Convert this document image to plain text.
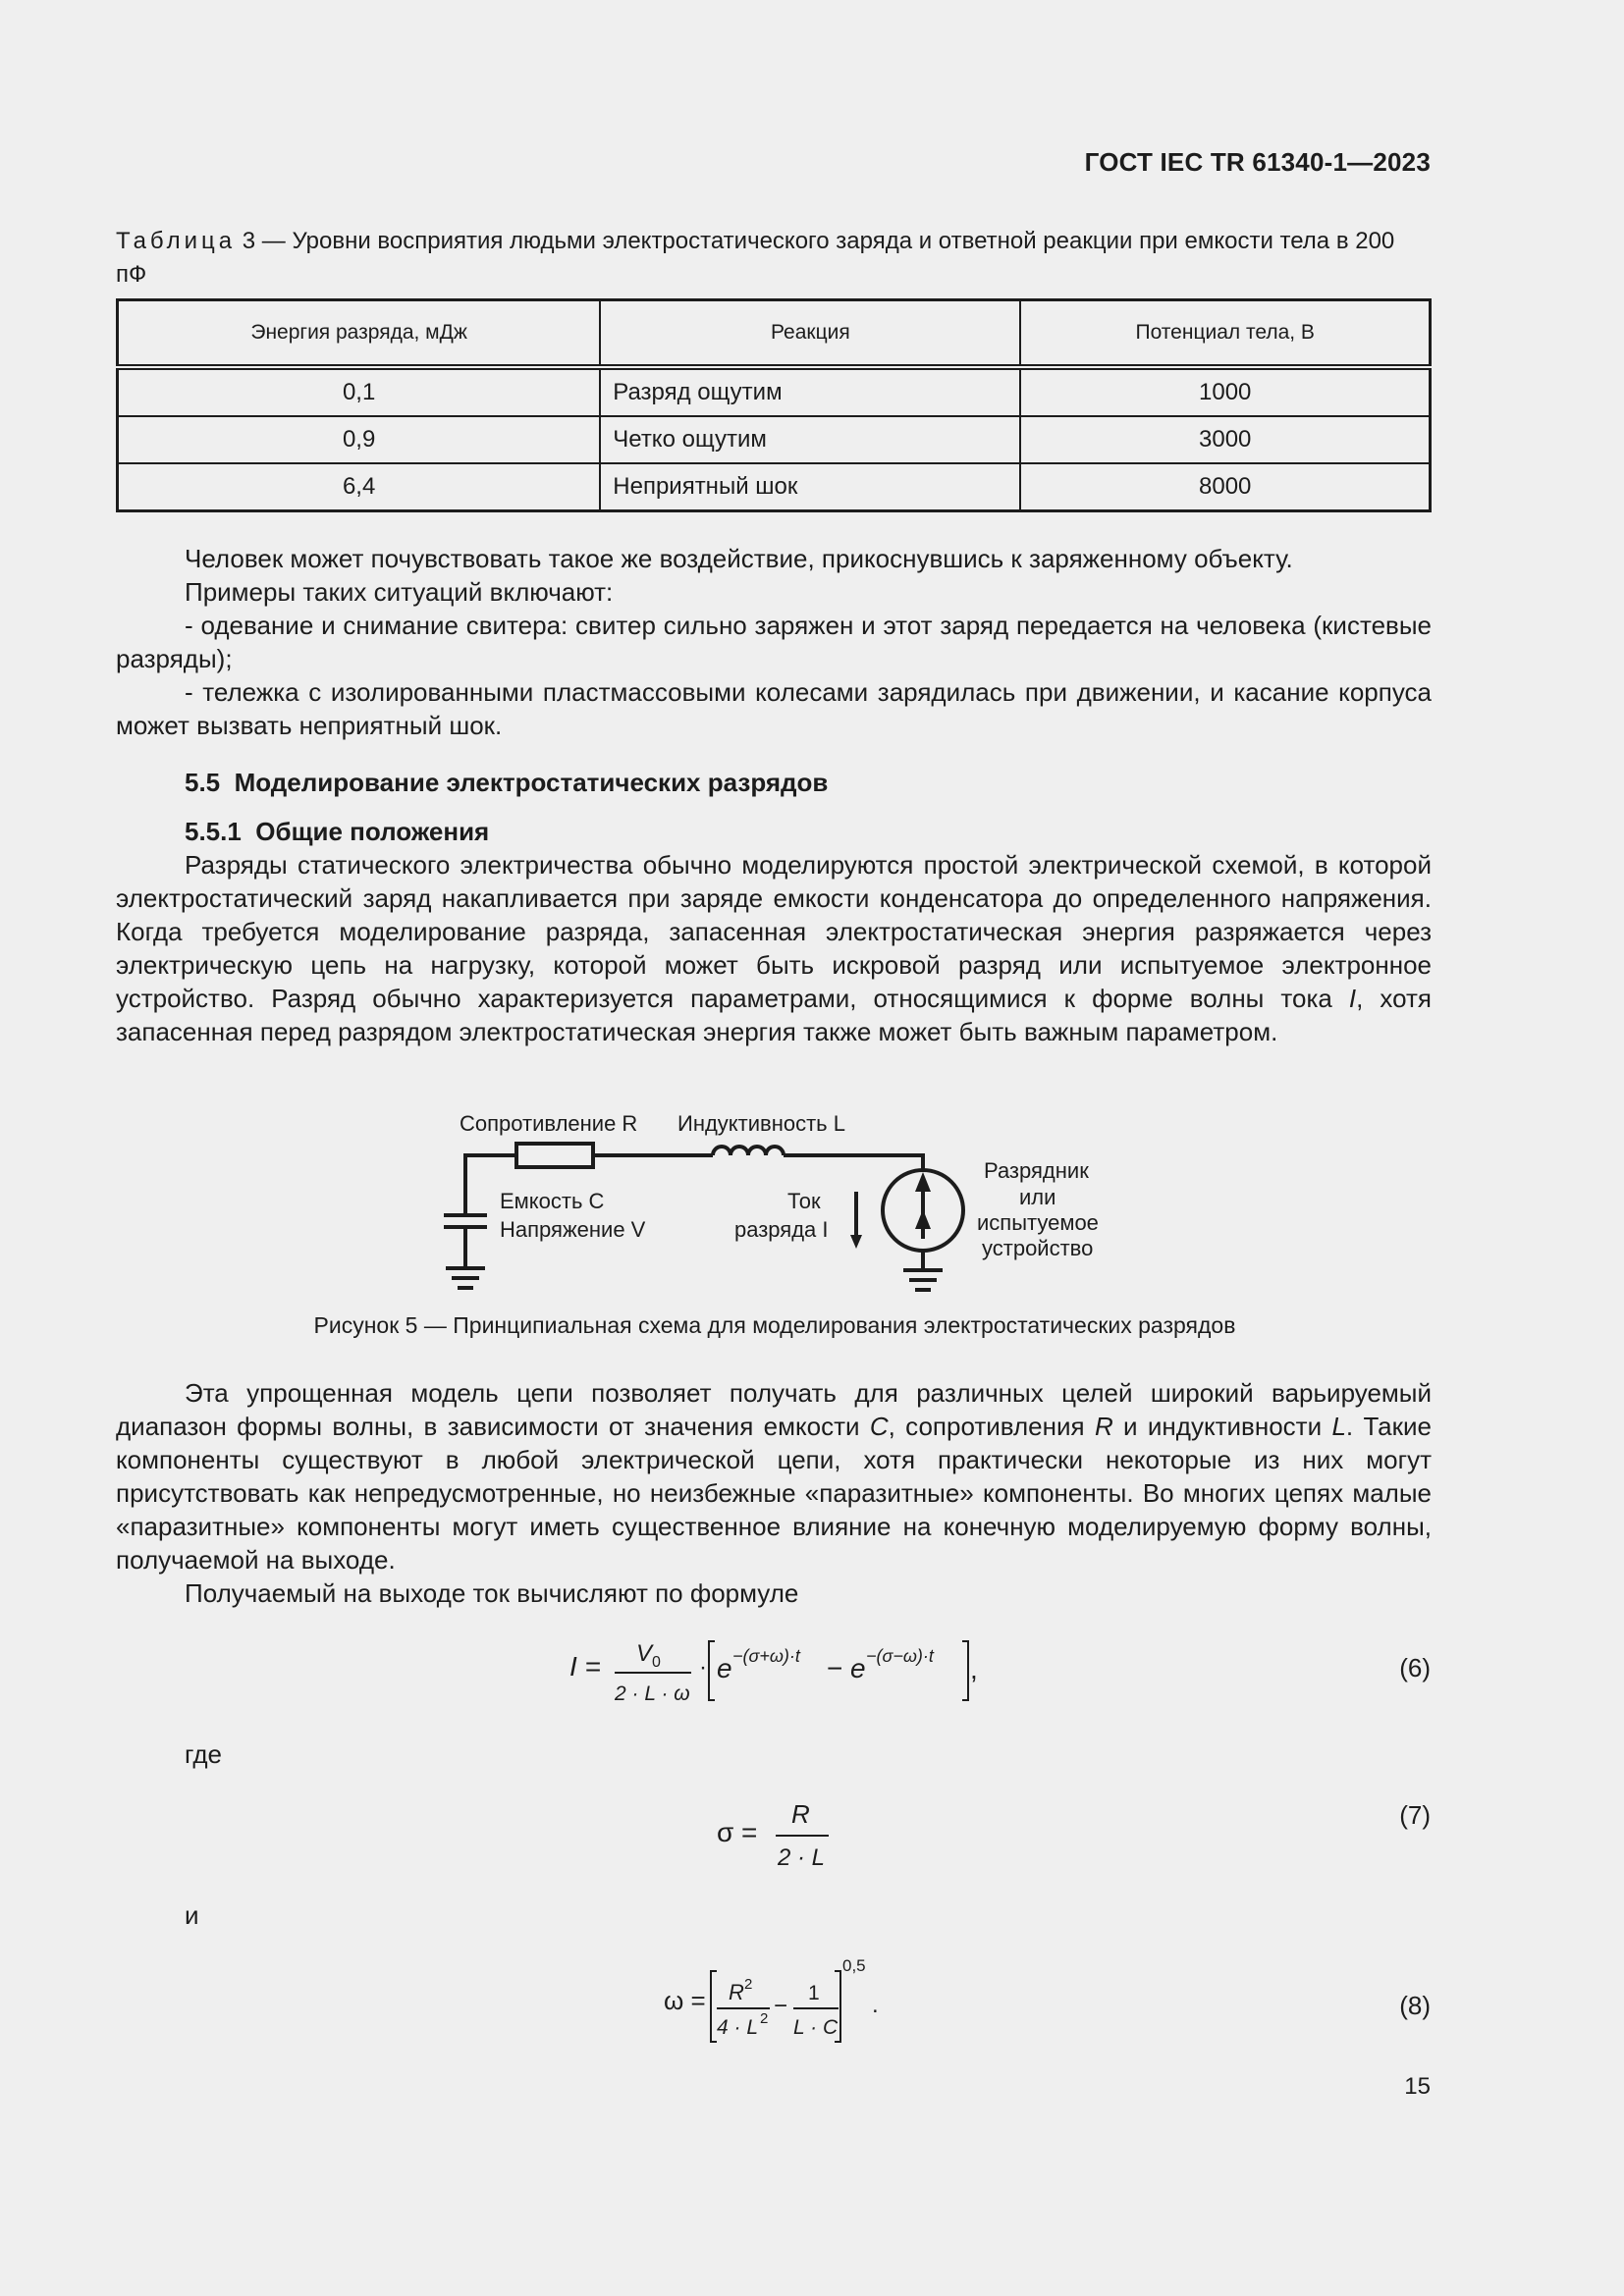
ГОСТ IEC TR 61340-1—2023
Таблица 3 — Уровни восприятия людьми электростатического заряда и ответной реакции при емкости тела в 200 пФ
Энергия разряда, мДж	Реакция	Потенциал тела, В
0,1	Разряд ощутим	1000
0,9	Четко ощутим	3000
6,4	Неприятный шок	8000

Человек может почувствовать такое же воздействие, прикоснувшись к заряженному объекту.

Примеры таких ситуаций включают:

- одевание и снимание свитера: свитер сильно заряжен и этот заряд передается на человека (кистевые разряды);

- тележка с изолированными пластмассовыми колесами зарядилась при движении, и касание корпуса может вызвать неприятный шок.

5.5 Моделирование электростатических разрядов
5.5.1 Общие положения

Разряды статического электричества обычно моделируются простой электрической схемой, в которой электростатический заряд накапливается при заряде емкости конденсатора до определенного напряжения. Когда требуется моделирование разряда, запасенная электростатическая энергия разряжается через электрическую цепь на нагрузку, которой может быть искровой разряд или испытуемое электронное устройство. Разряд обычно характеризуется параметрами, относящимися к форме волны тока I, хотя запасенная перед разрядом электростатическая энергия также может быть важным параметром.

Сопротивление R Индуктивность L
Емкость C
Напряжение V
Ток
разряда I
Разрядник
или
испытуемое
устройство
Рисунок 5 — Принципиальная схема для моделирования электростатических разрядов

Эта упрощенная модель цепи позволяет получать для различных целей широкий варьируемый диапазон формы волны, в зависимости от значения емкости C, сопротивления R и индуктивности L. Такие компоненты существуют в любой электрической цепи, хотя практически некоторые из них могут присутствовать как непредусмотренные, но неизбежные «паразитные» компоненты. Во многих цепях малые «паразитные» компоненты могут иметь существенное влияние на конечную моделируемую форму волны, получаемой на выходе.

Получаемый на выходе ток вычисляют по формуле

I = V 0
2 · L · ω
· e −(σ+ω)·t − e −(σ−ω)·t ,	(6)
где
σ =
R
2 · L
(7)
и
ω = R 2
4 · L 2 − 1
L · C
0,5
.	(8)
15
